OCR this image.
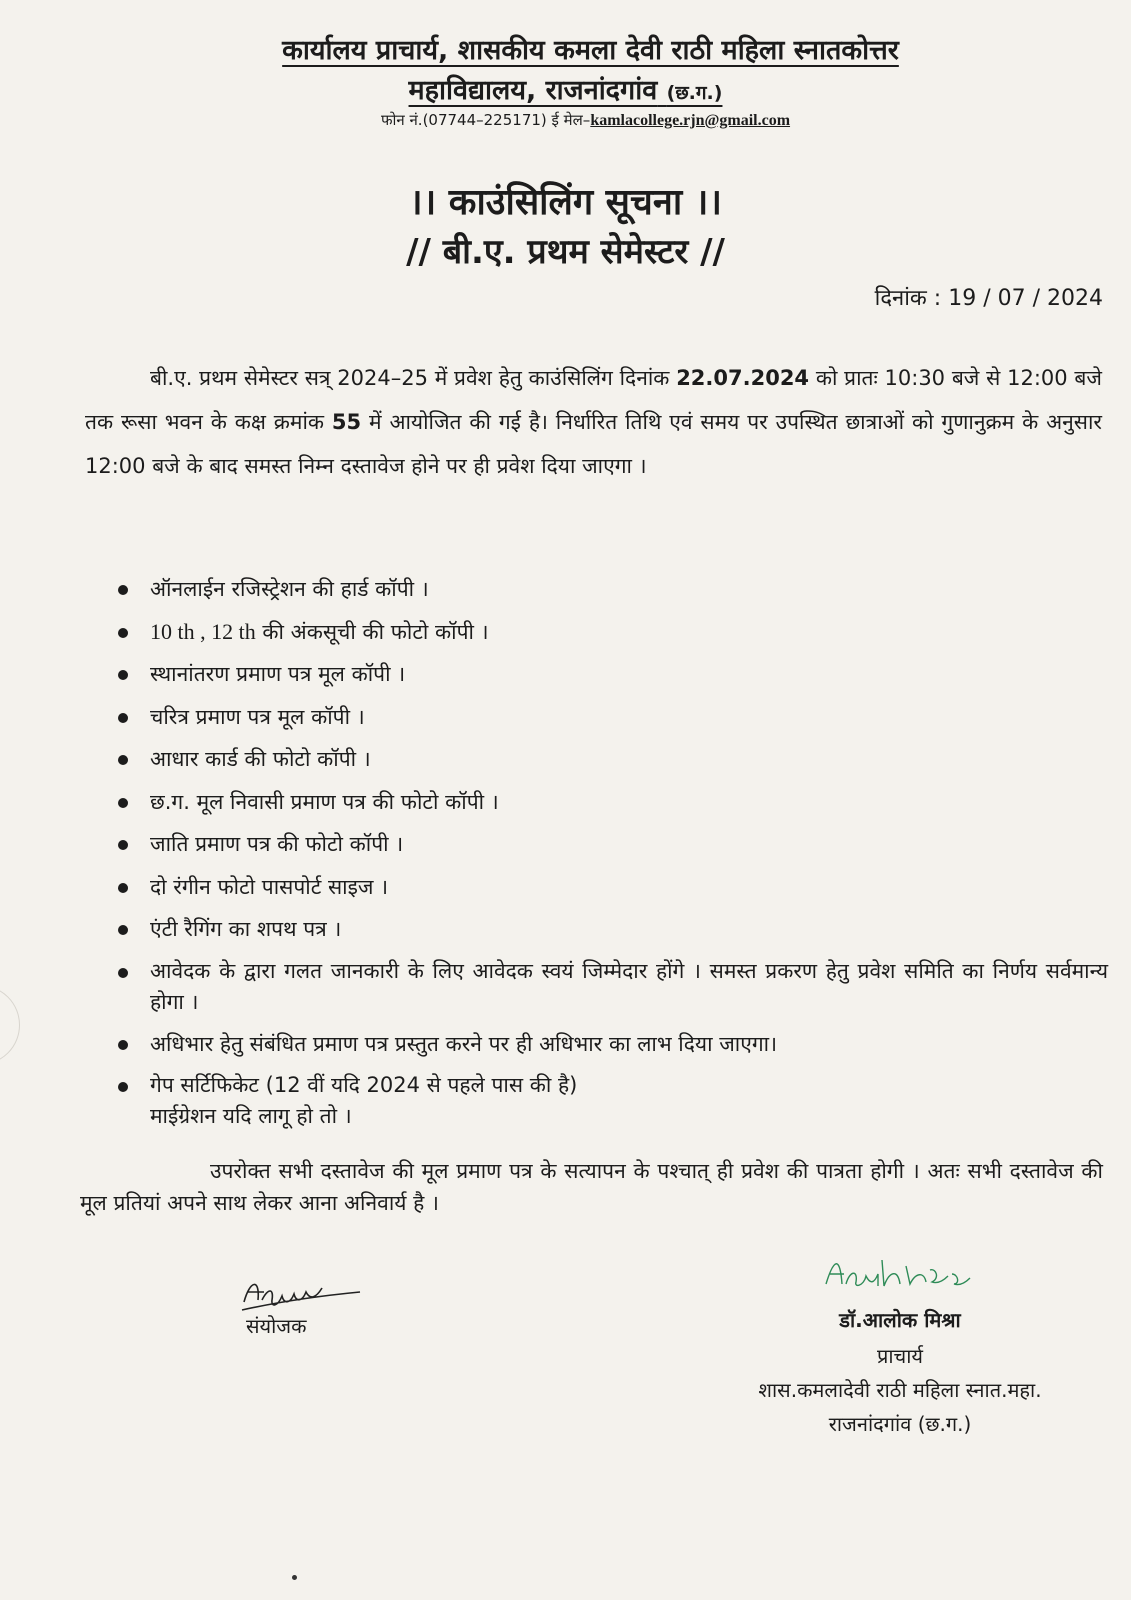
कार्यालय प्राचार्य, शासकीय कमला देवी राठी महिला स्नातकोत्तर
महाविद्यालय, राजनांदगांव (छ.ग.)
फोन नं.(07744–225171) ई मेल–kamlacollege.rjn@gmail.com
।। काउंसिलिंग सूचना ।।
// बी.ए. प्रथम सेमेस्टर //
दिनांक : 19 / 07 / 2024

बी.ए. प्रथम सेमेस्टर सत्र् 2024–25 में प्रवेश हेतु काउंसिलिंग दिनांक 22.07.2024 को प्रातः 10:30 बजे से 12:00 बजे तक रूसा भवन के कक्ष क्रमांक 55 में आयोजित की गई है। निर्धारित तिथि एवं समय पर उपस्थित छात्राओं को गुणानुक्रम के अनुसार 12:00 बजे के बाद समस्त निम्न दस्तावेज होने पर ही प्रवेश दिया जाएगा ।

ऑनलाईन रजिस्ट्रेशन की हार्ड कॉपी ।
10 th , 12 th की अंकसूची की फोटो कॉपी ।
स्थानांतरण प्रमाण पत्र मूल कॉपी ।
चरित्र प्रमाण पत्र मूल कॉपी ।
आधार कार्ड की फोटो कॉपी ।
छ.ग. मूल निवासी प्रमाण पत्र की फोटो कॉपी ।
जाति प्रमाण पत्र की फोटो कॉपी ।
दो रंगीन फोटो पासपोर्ट साइज ।
एंटी रैगिंग का शपथ पत्र ।
आवेदक के द्वारा गलत जानकारी के लिए आवेदक स्वयं जिम्मेदार होंगे । समस्त प्रकरण हेतु प्रवेश समिति का निर्णय सर्वमान्य होगा ।
अधिभार हेतु संबंधित प्रमाण पत्र प्रस्तुत करने पर ही अधिभार का लाभ दिया जाएगा।
गेप सर्टिफिकेट (12 वीं यदि 2024 से पहले पास की है)
माईग्रेशन यदि लागू हो तो ।

उपरोक्त सभी दस्तावेज की मूल प्रमाण पत्र के सत्यापन के पश्चात् ही प्रवेश की पात्रता होगी । अतः सभी दस्तावेज की मूल प्रतियां अपने साथ लेकर आना अनिवार्य है ।

संयोजक	डॉ.आलोक मिश्रा
प्राचार्य
शास.कमलादेवी राठी महिला स्नात.महा.
राजनांदगांव (छ.ग.)
